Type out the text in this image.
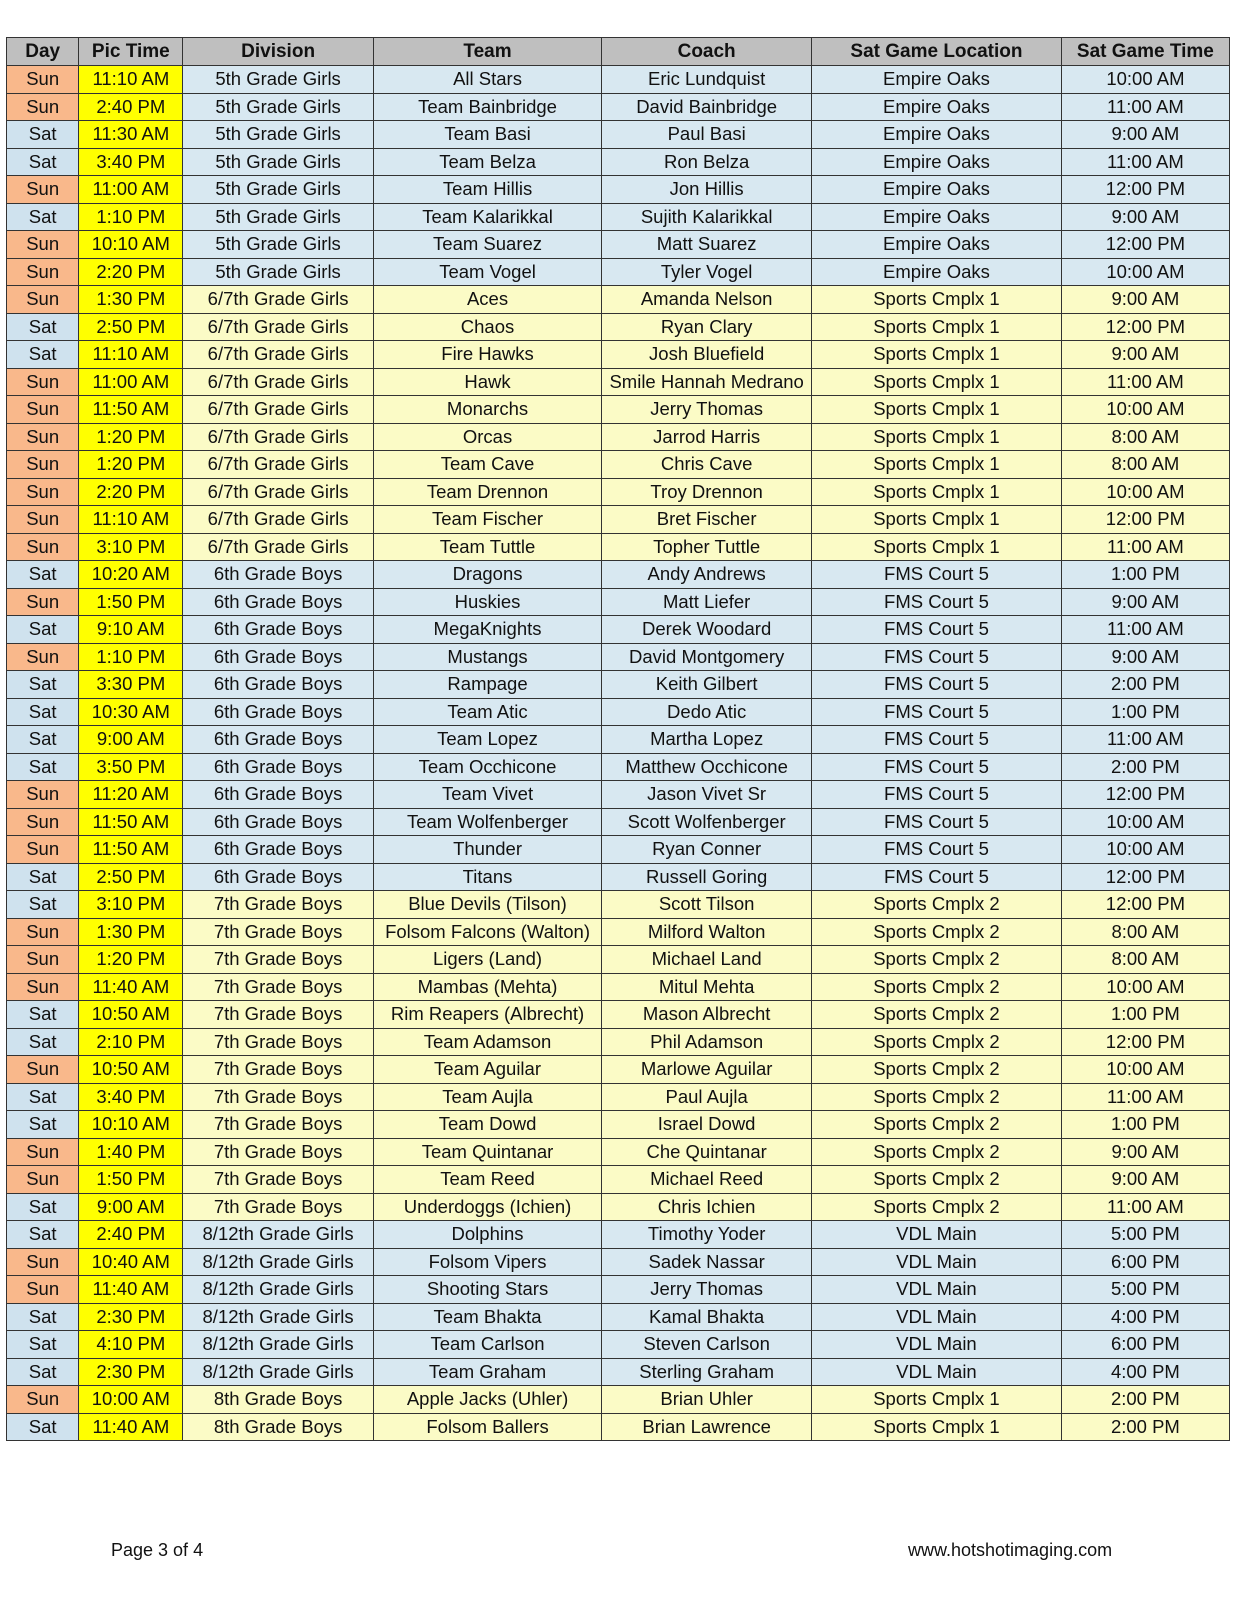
Day	Pic Time	Division	Team	Coach	Sat Game Location	Sat Game Time
Sun	11:10 AM	5th Grade Girls	All Stars	Eric Lundquist	Empire Oaks	10:00 AM
Sun	2:40 PM	5th Grade Girls	Team Bainbridge	David Bainbridge	Empire Oaks	11:00 AM
Sat	11:30 AM	5th Grade Girls	Team Basi	Paul Basi	Empire Oaks	9:00 AM
Sat	3:40 PM	5th Grade Girls	Team Belza	Ron Belza	Empire Oaks	11:00 AM
Sun	11:00 AM	5th Grade Girls	Team Hillis	Jon Hillis	Empire Oaks	12:00 PM
Sat	1:10 PM	5th Grade Girls	Team Kalarikkal	Sujith Kalarikkal	Empire Oaks	9:00 AM
Sun	10:10 AM	5th Grade Girls	Team Suarez	Matt Suarez	Empire Oaks	12:00 PM
Sun	2:20 PM	5th Grade Girls	Team Vogel	Tyler Vogel	Empire Oaks	10:00 AM
Sun	1:30 PM	6/7th Grade Girls	Aces	Amanda Nelson	Sports Cmplx 1	9:00 AM
Sat	2:50 PM	6/7th Grade Girls	Chaos	Ryan Clary	Sports Cmplx 1	12:00 PM
Sat	11:10 AM	6/7th Grade Girls	Fire Hawks	Josh Bluefield	Sports Cmplx 1	9:00 AM
Sun	11:00 AM	6/7th Grade Girls	Hawk	Smile Hannah Medrano	Sports Cmplx 1	11:00 AM
Sun	11:50 AM	6/7th Grade Girls	Monarchs	Jerry Thomas	Sports Cmplx 1	10:00 AM
Sun	1:20 PM	6/7th Grade Girls	Orcas	Jarrod Harris	Sports Cmplx 1	8:00 AM
Sun	1:20 PM	6/7th Grade Girls	Team Cave	Chris Cave	Sports Cmplx 1	8:00 AM
Sun	2:20 PM	6/7th Grade Girls	Team Drennon	Troy Drennon	Sports Cmplx 1	10:00 AM
Sun	11:10 AM	6/7th Grade Girls	Team Fischer	Bret Fischer	Sports Cmplx 1	12:00 PM
Sun	3:10 PM	6/7th Grade Girls	Team Tuttle	Topher Tuttle	Sports Cmplx 1	11:00 AM
Sat	10:20 AM	6th Grade Boys	Dragons	Andy Andrews	FMS Court 5	1:00 PM
Sun	1:50 PM	6th Grade Boys	Huskies	Matt Liefer	FMS Court 5	9:00 AM
Sat	9:10 AM	6th Grade Boys	MegaKnights	Derek Woodard	FMS Court 5	11:00 AM
Sun	1:10 PM	6th Grade Boys	Mustangs	David Montgomery	FMS Court 5	9:00 AM
Sat	3:30 PM	6th Grade Boys	Rampage	Keith Gilbert	FMS Court 5	2:00 PM
Sat	10:30 AM	6th Grade Boys	Team Atic	Dedo Atic	FMS Court 5	1:00 PM
Sat	9:00 AM	6th Grade Boys	Team Lopez	Martha Lopez	FMS Court 5	11:00 AM
Sat	3:50 PM	6th Grade Boys	Team Occhicone	Matthew Occhicone	FMS Court 5	2:00 PM
Sun	11:20 AM	6th Grade Boys	Team Vivet	Jason Vivet Sr	FMS Court 5	12:00 PM
Sun	11:50 AM	6th Grade Boys	Team Wolfenberger	Scott Wolfenberger	FMS Court 5	10:00 AM
Sun	11:50 AM	6th Grade Boys	Thunder	Ryan Conner	FMS Court 5	10:00 AM
Sat	2:50 PM	6th Grade Boys	Titans	Russell Goring	FMS Court 5	12:00 PM
Sat	3:10 PM	7th Grade Boys	Blue Devils (Tilson)	Scott Tilson	Sports Cmplx 2	12:00 PM
Sun	1:30 PM	7th Grade Boys	Folsom Falcons (Walton)	Milford Walton	Sports Cmplx 2	8:00 AM
Sun	1:20 PM	7th Grade Boys	Ligers (Land)	Michael Land	Sports Cmplx 2	8:00 AM
Sun	11:40 AM	7th Grade Boys	Mambas (Mehta)	Mitul Mehta	Sports Cmplx 2	10:00 AM
Sat	10:50 AM	7th Grade Boys	Rim Reapers (Albrecht)	Mason Albrecht	Sports Cmplx 2	1:00 PM
Sat	2:10 PM	7th Grade Boys	Team Adamson	Phil Adamson	Sports Cmplx 2	12:00 PM
Sun	10:50 AM	7th Grade Boys	Team Aguilar	Marlowe Aguilar	Sports Cmplx 2	10:00 AM
Sat	3:40 PM	7th Grade Boys	Team Aujla	Paul Aujla	Sports Cmplx 2	11:00 AM
Sat	10:10 AM	7th Grade Boys	Team Dowd	Israel Dowd	Sports Cmplx 2	1:00 PM
Sun	1:40 PM	7th Grade Boys	Team Quintanar	Che Quintanar	Sports Cmplx 2	9:00 AM
Sun	1:50 PM	7th Grade Boys	Team Reed	Michael Reed	Sports Cmplx 2	9:00 AM
Sat	9:00 AM	7th Grade Boys	Underdoggs (Ichien)	Chris Ichien	Sports Cmplx 2	11:00 AM
Sat	2:40 PM	8/12th Grade Girls	Dolphins	Timothy Yoder	VDL Main	5:00 PM
Sun	10:40 AM	8/12th Grade Girls	Folsom Vipers	Sadek Nassar	VDL Main	6:00 PM
Sun	11:40 AM	8/12th Grade Girls	Shooting Stars	Jerry Thomas	VDL Main	5:00 PM
Sat	2:30 PM	8/12th Grade Girls	Team Bhakta	Kamal Bhakta	VDL Main	4:00 PM
Sat	4:10 PM	8/12th Grade Girls	Team Carlson	Steven Carlson	VDL Main	6:00 PM
Sat	2:30 PM	8/12th Grade Girls	Team Graham	Sterling Graham	VDL Main	4:00 PM
Sun	10:00 AM	8th Grade Boys	Apple Jacks (Uhler)	Brian Uhler	Sports Cmplx 1	2:00 PM
Sat	11:40 AM	8th Grade Boys	Folsom Ballers	Brian Lawrence	Sports Cmplx 1	2:00 PM
Page 3 of 4	www.hotshotimaging.com
